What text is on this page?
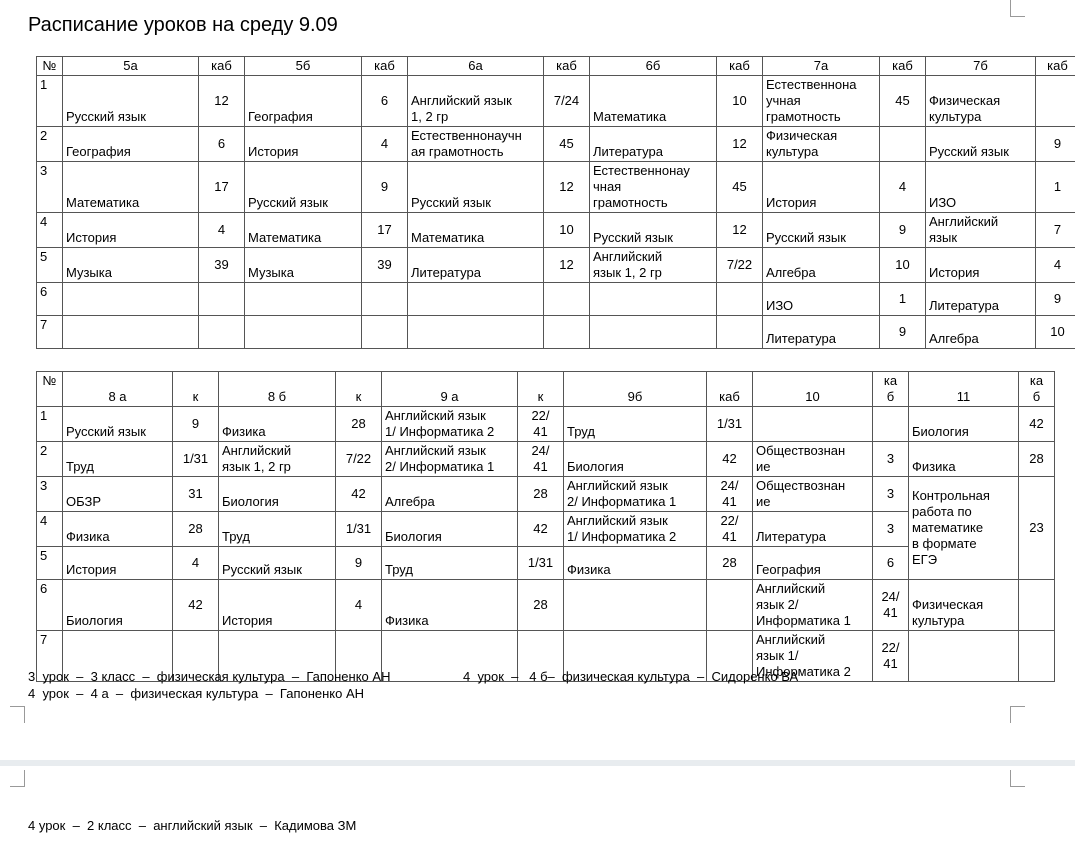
Расписание уроков на среду 9.09
№	5а	каб	5б	каб	6а	каб	6б	каб	7а	каб	7б	каб
1	Русский язык	12	География	6	Английский язык
1, 2 гр	7/24	Математика	10	Естественнона
учная
грамотность	45	Физическая
культура	
2	География	6	История	4	Естественнонаучн
ая грамотность	45	Литература	12	Физическая
культура		Русский язык	9
3	Математика	17	Русский язык	9	Русский язык	12	Естественнонау
чная
грамотность	45	История	4	ИЗО	1
4	История	4	Математика	17	Математика	10	Русский язык	12	Русский язык	9	Английский
язык	7
5	Музыка	39	Музыка	39	Литература	12	Английский
язык 1, 2 гр	7/22	Алгебра	10	История	4
6									ИЗО	1	Литература	9
7									Литература	9	Алгебра	10
№	8 а	к	8 б	к	9 а	к	9б	каб	10	ка
б	11	ка
б
1	Русский язык	9	Физика	28	Английский язык
1/ Информатика 2	22/
41	Труд	1/31			Биология	42
2	Труд	1/31	Английский
язык 1, 2 гр	7/22	Английский язык
2/ Информатика 1	24/
41	Биология	42	Обществознан
ие	3	Физика	28
3	ОБЗР	31	Биология	42	Алгебра	28	Английский язык
2/ Информатика 1	24/
41	Обществознан
ие	3	Контрольная
работа по
математике
в формате
ЕГЭ	23
4	Физика	28	Труд	1/31	Биология	42	Английский язык
1/ Информатика 2	22/
41	Литература	3		
5	История	4	Русский язык	9	Труд	1/31	Физика	28	География	6		
6	Биология	42	История	4	Физика	28			Английский
язык 2/
Информатика 1	24/
41	Физическая
культура	
7									Английский
язык 1/
Информатика 2	22/
41		
3  урок  –  3 класс  –  физическая культура  –  Гапоненко АН	4  урок  –   4 б–  физическая культура  –  Сидоренко ВА
4  урок  –  4 а  –  физическая культура  –  Гапоненко АН
4 урок  –  2 класс  –  английский язык  –  Кадимова ЗМ
